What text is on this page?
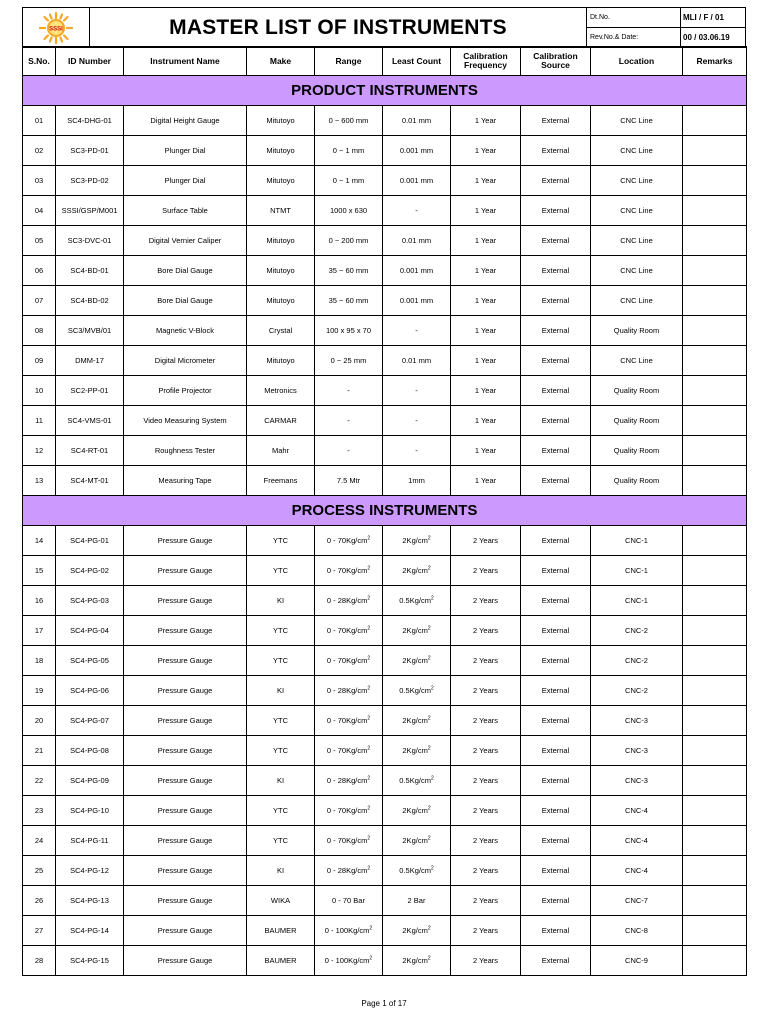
SSSI	MASTER LIST OF INSTRUMENTS	Dt.No.	MLI / F / 01
		Rev.No.& Date:	00 / 03.06.19
S.No.	ID Number	Instrument Name	Make	Range	Least Count	Calibration Frequency	Calibration Source	Location	Remarks
PRODUCT INSTRUMENTS									
01	SC4-DHG-01	Digital Height Gauge	Mitutoyo	0 ~ 600 mm	0.01 mm	1 Year	External	CNC Line	
02	SC3-PD-01	Plunger Dial	Mitutoyo	0 ~ 1 mm	0.001 mm	1 Year	External	CNC Line	
03	SC3-PD-02	Plunger Dial	Mitutoyo	0 ~ 1 mm	0.001 mm	1 Year	External	CNC Line	
04	SSSI/GSP/M001	Surface Table	NTMT	1000 x 630	-	1 Year	External	CNC Line	
05	SC3-DVC-01	Digital Vernier Caliper	Mitutoyo	0 ~ 200 mm	0.01 mm	1 Year	External	CNC Line	
06	SC4-BD-01	Bore Dial Gauge	Mitutoyo	35 ~ 60 mm	0.001 mm	1 Year	External	CNC Line	
07	SC4-BD-02	Bore Dial Gauge	Mitutoyo	35 ~ 60 mm	0.001 mm	1 Year	External	CNC Line	
08	SC3/MVB/01	Magnetic V-Block	Crystal	100 x 95 x 70	-	1 Year	External	Quality Room	
09	DMM-17	Digital Micrometer	Mitutoyo	0 ~ 25 mm	0.01 mm	1 Year	External	CNC Line	
10	SC2-PP-01	Profile Projector	Metronics	-	-	1 Year	External	Quality Room	
11	SC4-VMS-01	Video Measuring System	CARMAR	-	-	1 Year	External	Quality Room	
12	SC4-RT-01	Roughness Tester	Mahr	-	-	1 Year	External	Quality Room	
13	SC4-MT-01	Measuring Tape	Freemans	7.5 Mtr	1mm	1 Year	External	Quality Room	
PROCESS INSTRUMENTS									
14	SC4-PG-01	Pressure Gauge	YTC	$0 - 70Kg/cm^2$	$2Kg/cm^2$	2 Years	External	CNC-1	
15	SC4-PG-02	Pressure Gauge	YTC	$0 - 70Kg/cm^2$	$2Kg/cm^2$	2 Years	External	CNC-1	
16	SC4-PG-03	Pressure Gauge	KI	$0 - 28Kg/cm^2$	$0.5Kg/cm^2$	2 Years	External	CNC-1	
17	SC4-PG-04	Pressure Gauge	YTC	$0 - 70Kg/cm^2$	$2Kg/cm^2$	2 Years	External	CNC-2	
18	SC4-PG-05	Pressure Gauge	YTC	$0 - 70Kg/cm^2$	$2Kg/cm^2$	2 Years	External	CNC-2	
19	SC4-PG-06	Pressure Gauge	KI	$0 - 28Kg/cm^2$	$0.5Kg/cm^2$	2 Years	External	CNC-2	
20	SC4-PG-07	Pressure Gauge	YTC	$0 - 70Kg/cm^2$	$2Kg/cm^2$	2 Years	External	CNC-3	
21	SC4-PG-08	Pressure Gauge	YTC	$0 - 70Kg/cm^2$	$2Kg/cm^2$	2 Years	External	CNC-3	
22	SC4-PG-09	Pressure Gauge	KI	$0 - 28Kg/cm^2$	$0.5Kg/cm^2$	2 Years	External	CNC-3	
23	SC4-PG-10	Pressure Gauge	YTC	$0 - 70Kg/cm^2$	$2Kg/cm^2$	2 Years	External	CNC-4	
24	SC4-PG-11	Pressure Gauge	YTC	$0 - 70Kg/cm^2$	$2Kg/cm^2$	2 Years	External	CNC-4	
25	SC4-PG-12	Pressure Gauge	KI	$0 - 28Kg/cm^2$	$0.5Kg/cm^2$	2 Years	External	CNC-4	
26	SC4-PG-13	Pressure Gauge	WIKA	0 - 70 Bar	2 Bar	2 Years	External	CNC-7	
27	SC4-PG-14	Pressure Gauge	BAUMER	$0 - 100Kg/cm^2$	$2Kg/cm^2$	2 Years	External	CNC-8	
28	SC4-PG-15	Pressure Gauge	BAUMER	$0 - 100Kg/cm^2$	$2Kg/cm^2$	2 Years	External	CNC-9	
Page 1 of 17
